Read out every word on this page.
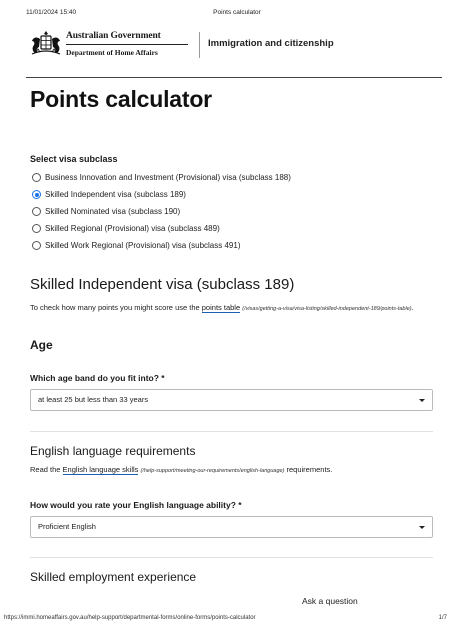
11/01/2024 15:40	Points calculator
Australian Government
Department of Home Affairs
Immigration and citizenship
Points calculator
Select visa subclass
Business Innovation and Investment (Provisional) visa (subclass 188)
Skilled Independent visa (subclass 189)
Skilled Nominated visa (subclass 190)
Skilled Regional (Provisional) visa (subclass 489)
Skilled Work Regional (Provisional) visa (subclass 491)
Skilled Independent visa (subclass 189)

To check how many points you might score use the points table (/visas/getting-a-visa/visa-listing/skilled-independent-189/points-table).

Age
Which age band do you fit into? *
at least 25 but less than 33 years
English language requirements

Read the English language skills (/help-support/meeting-our-requirements/english-language) requirements.

How would you rate your English language ability? *
Proficient English
Skilled employment experience
Ask a question
https://immi.homeaffairs.gov.au/help-support/departmental-forms/online-forms/points-calculator	1/7
